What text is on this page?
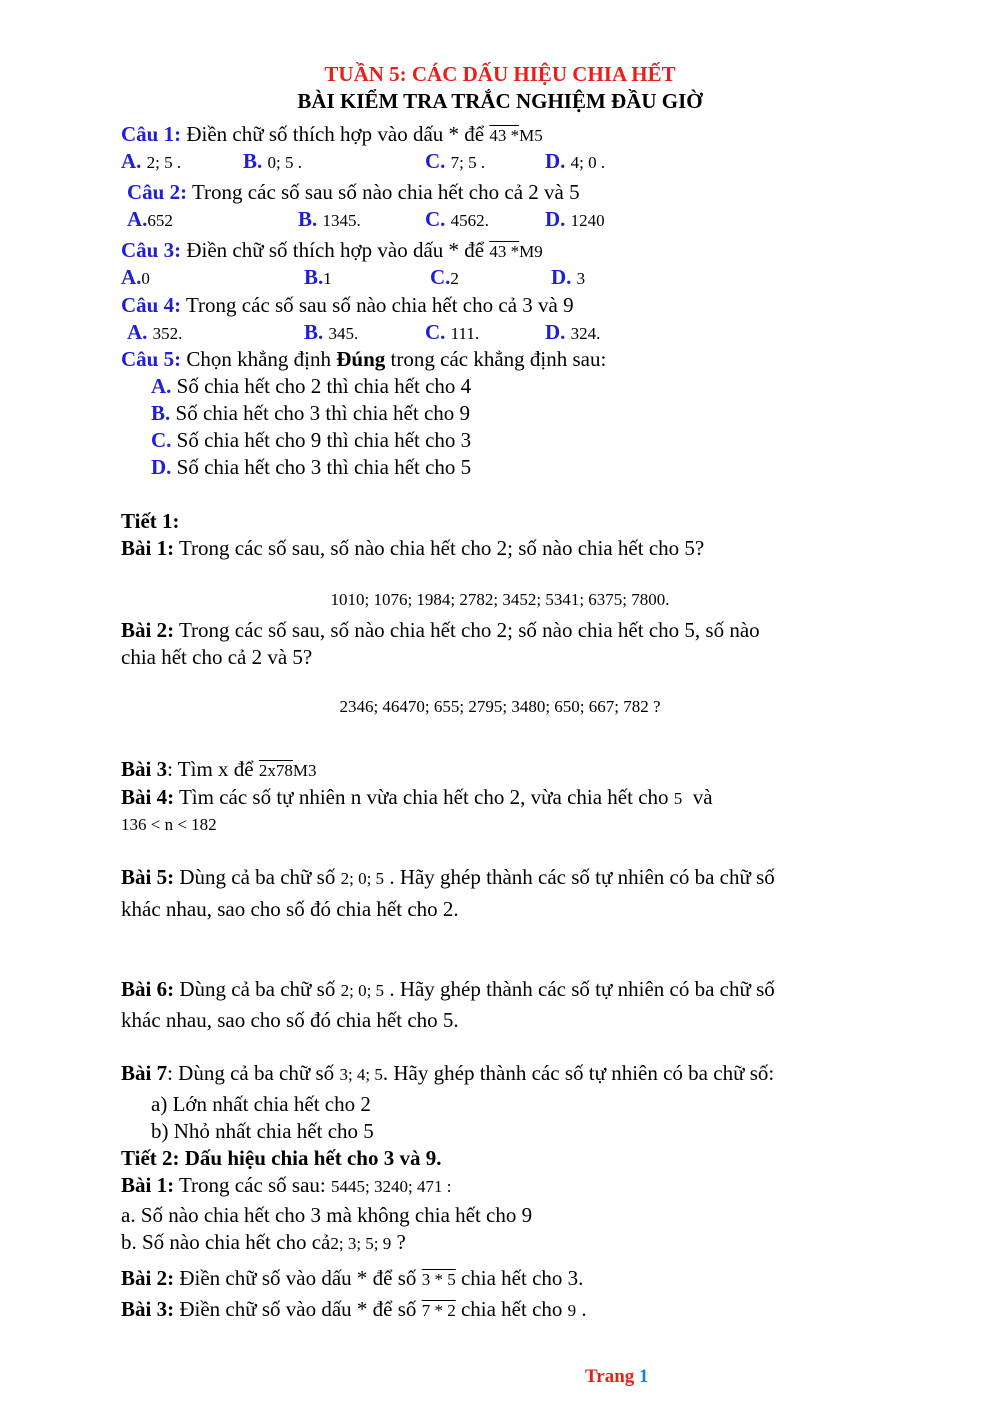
TUẦN 5: CÁC DẤU HIỆU CHIA HẾT
BÀI KIỂM TRA TRẮC NGHIỆM ĐẦU GIỜ
Câu 1: Điền chữ số thích hợp vào dấu * để 43 *M5
A. 2; 5 .	B. 0; 5 .	C. 7; 5 .	D. 4; 0 .
Câu 2: Trong các số sau số nào chia hết cho cả 2 và 5
A.652	B. 1345.	C. 4562.	D. 1240
Câu 3: Điền chữ số thích hợp vào dấu * để 43 *M9
A.0	B.1	C.2	D. 3
Câu 4: Trong các số sau số nào chia hết cho cả 3 và 9
A. 352.	B. 345.	C. 111.	D. 324.
Câu 5: Chọn khẳng định Đúng trong các khẳng định sau:
A. Số chia hết cho 2 thì chia hết cho 4
B. Số chia hết cho 3 thì chia hết cho 9
C. Số chia hết cho 9 thì chia hết cho 3
D. Số chia hết cho 3 thì chia hết cho 5
Tiết 1:
Bài 1: Trong các số sau, số nào chia hết cho 2; số nào chia hết cho 5?
1010; 1076; 1984; 2782; 3452; 5341; 6375; 7800.
Bài 2: Trong các số sau, số nào chia hết cho 2; số nào chia hết cho 5, số nào
chia hết cho cả 2 và 5?
2346; 46470; 655; 2795; 3480; 650; 667; 782 ?
Bài 3: Tìm x để 2x78M3
Bài 4: Tìm các số tự nhiên n vừa chia hết cho 2, vừa chia hết cho 5 và
136 < n < 182
Bài 5: Dùng cả ba chữ số 2; 0; 5 . Hãy ghép thành các số tự nhiên có ba chữ số
khác nhau, sao cho số đó chia hết cho 2.
Bài 6: Dùng cả ba chữ số 2; 0; 5 . Hãy ghép thành các số tự nhiên có ba chữ số
khác nhau, sao cho số đó chia hết cho 5.
Bài 7: Dùng cả ba chữ số 3; 4; 5. Hãy ghép thành các số tự nhiên có ba chữ số:
a) Lớn nhất chia hết cho 2
b) Nhỏ nhất chia hết cho 5
Tiết 2: Dấu hiệu chia hết cho 3 và 9.
Bài 1: Trong các số sau: 5445; 3240; 471 :
a. Số nào chia hết cho 3 mà không chia hết cho 9
b. Số nào chia hết cho cả2; 3; 5; 9 ?
Bài 2: Điền chữ số vào dấu * để số 3 * 5 chia hết cho 3.
Bài 3: Điền chữ số vào dấu * để số 7 * 2 chia hết cho 9 .
Trang 1
